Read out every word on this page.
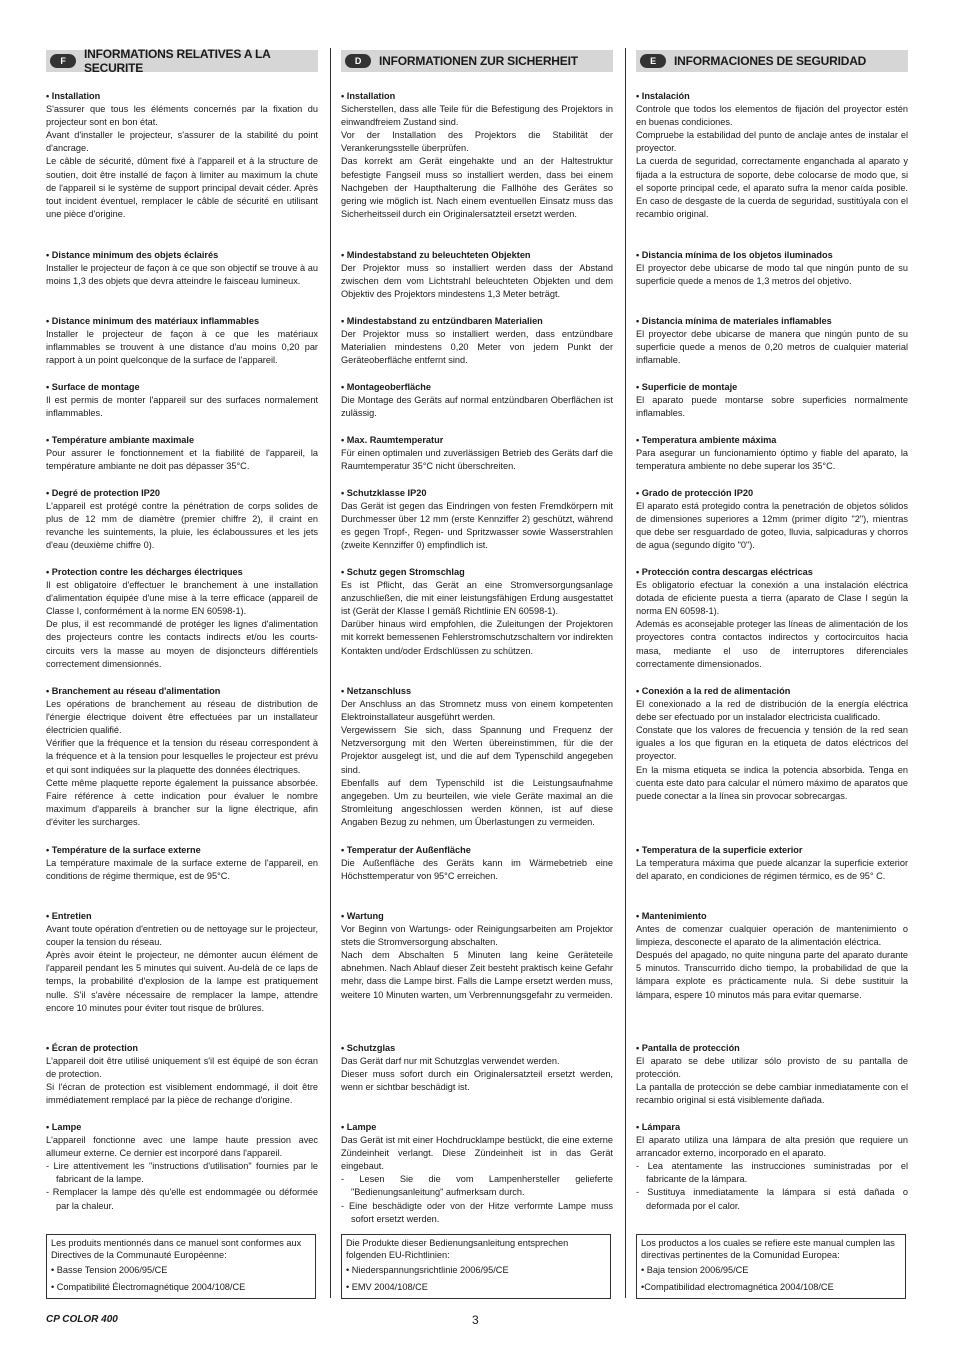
F	INFORMATIONS RELATIVES A LA SECURITE
• Installation

S'assurer que tous les éléments concernés par la fixation du projecteur sont en bon état.

Avant d'installer le projecteur, s'assurer de la stabilité du point d'ancrage.

Le câble de sécurité, dûment fixé à l'appareil et à la structure de soutien, doit être installé de façon à limiter au maximum la chute de l'appareil si le système de support principal devait céder. Après tout incident éventuel, remplacer le câble de sécurité en utilisant une pièce d'origine.

• Distance minimum des objets éclairés

Installer le projecteur de façon à ce que son objectif se trouve à au moins 1,3 des objets que devra atteindre le faisceau lumineux.

• Distance minimum des matériaux inflammables

Installer le projecteur de façon à ce que les matériaux inflammables se trouvent à une distance d'au moins 0,20 par rapport à un point quelconque de la surface de l'appareil.

• Surface de montage

Il est permis de monter l'appareil sur des surfaces normalement inflammables.

• Température ambiante maximale

Pour assurer le fonctionnement et la fiabilité de l'appareil, la température ambiante ne doit pas dépasser 35°C.

• Degré de protection IP20

L'appareil est protégé contre la pénétration de corps solides de plus de 12 mm de diamètre (premier chiffre 2), il craint en revanche les suintements, la pluie, les éclaboussures et les jets d'eau (deuxième chiffre 0).

• Protection contre les décharges électriques

Il est obligatoire d'effectuer le branchement à une installation d'alimentation équipée d'une mise à la terre efficace (appareil de Classe I, conformément à la norme EN 60598-1).

De plus, il est recommandé de protéger les lignes d'alimentation des projecteurs contre les contacts indirects et/ou les courts-circuits vers la masse au moyen de disjoncteurs différentiels correctement dimensionnés.

• Branchement au réseau d'alimentation

Les opérations de branchement au réseau de distribution de l'énergie électrique doivent être effectuées par un installateur électricien qualifié.

Vérifier que la fréquence et la tension du réseau correspondent à la fréquence et à la tension pour lesquelles le projecteur est prévu et qui sont indiquées sur la plaquette des données électriques.

Cette même plaquette reporte également la puissance absorbée. Faire référence à cette indication pour évaluer le nombre maximum d'appareils à brancher sur la ligne électrique, afin d'éviter les surcharges.

• Température de la surface externe

La température maximale de la surface externe de l'appareil, en conditions de régime thermique, est de 95°C.

• Entretien

Avant toute opération d'entretien ou de nettoyage sur le projecteur, couper la tension du réseau.

Après avoir éteint le projecteur, ne démonter aucun élément de l'appareil pendant les 5 minutes qui suivent. Au-delà de ce laps de temps, la probabilité d'explosion de la lampe est pratiquement nulle. S'il s'avère nécessaire de remplacer la lampe, attendre encore 10 minutes pour éviter tout risque de brûlures.

• Écran de protection

L'appareil doit être utilisé uniquement s'il est équipé de son écran de protection.

Si l'écran de protection est visiblement endommagé, il doit être immédiatement remplacé par la pièce de rechange d'origine.

• Lampe

L'appareil fonctionne avec une lampe haute pression avec allumeur externe. Ce dernier est incorporé dans l'appareil.

- Lire attentivement les "instructions d'utilisation" fournies par le fabricant de la lampe.
- Remplacer la lampe dès qu'elle est endommagée ou déformée par la chaleur.

Les produits mentionnés dans ce manuel sont conformes aux Directives de la Communauté Européenne:

• Basse Tension 2006/95/CE
• Compatibilité Électromagnétique 2004/108/CE
D	INFORMATIONEN ZUR SICHERHEIT
• Installation

Sicherstellen, dass alle Teile für die Befestigung des Projektors in einwandfreiem Zustand sind.

Vor der Installation des Projektors die Stabilität der Verankerungsstelle überprüfen.

Das korrekt am Gerät eingehakte und an der Haltestruktur befestigte Fangseil muss so installiert werden, dass bei einem Nachgeben der Haupthalterung die Fallhöhe des Gerätes so gering wie möglich ist. Nach einem eventuellen Einsatz muss das Sicherheitsseil durch ein Originalersatzteil ersetzt werden.

• Mindestabstand zu beleuchteten Objekten

Der Projektor muss so installiert werden dass der Abstand zwischen dem vom Lichtstrahl beleuchteten Objekten und dem Objektiv des Projektors mindestens 1,3 Meter beträgt.

• Mindestabstand zu entzündbaren Materialien

Der Projektor muss so installiert werden, dass entzündbare Materialien mindestens 0,20 Meter von jedem Punkt der Geräteoberfläche entfernt sind.

• Montageoberfläche

Die Montage des Geräts auf normal entzündbaren Oberflächen ist zulässig.

• Max. Raumtemperatur

Für einen optimalen und zuverlässigen Betrieb des Geräts darf die Raumtemperatur 35°C nicht überschreiten.

• Schutzklasse IP20

Das Gerät ist gegen das Eindringen von festen Fremdkörpern mit Durchmesser über 12 mm (erste Kennziffer 2) geschützt, während es gegen Tropf-, Regen- und Spritzwasser sowie Wasserstrahlen (zweite Kennziffer 0) empfindlich ist.

• Schutz gegen Stromschlag

Es ist Pflicht, das Gerät an eine Stromversorgungsanlage anzuschließen, die mit einer leistungsfähigen Erdung ausgestattet ist (Gerät der Klasse I gemäß Richtlinie EN 60598-1).

Darüber hinaus wird empfohlen, die Zuleitungen der Projektoren mit korrekt bemessenen Fehlerstromschutzschaltern vor indirekten Kontakten und/oder Erdschlüssen zu schützen.

• Netzanschluss

Der Anschluss an das Stromnetz muss von einem kompetenten Elektroinstallateur ausgeführt werden.

Vergewissern Sie sich, dass Spannung und Frequenz der Netzversorgung mit den Werten übereinstimmen, für die der Projektor ausgelegt ist, und die auf dem Typenschild angegeben sind.

Ebenfalls auf dem Typenschild ist die Leistungsaufnahme angegeben. Um zu beurteilen, wie viele Geräte maximal an die Stromleitung angeschlossen werden können, ist auf diese Angaben Bezug zu nehmen, um Überlastungen zu vermeiden.

• Temperatur der Außenfläche

Die Außenfläche des Geräts kann im Wärmebetrieb eine Höchsttemperatur von 95°C erreichen.

• Wartung

Vor Beginn von Wartungs- oder Reinigungsarbeiten am Projektor stets die Stromversorgung abschalten.

Nach dem Abschalten 5 Minuten lang keine Geräteteile abnehmen. Nach Ablauf dieser Zeit besteht praktisch keine Gefahr mehr, dass die Lampe birst. Falls die Lampe ersetzt werden muss, weitere 10 Minuten warten, um Verbrennungsgefahr zu vermeiden.

• Schutzglas

Das Gerät darf nur mit Schutzglas verwendet werden.

Dieser muss sofort durch ein Originalersatzteil ersetzt werden, wenn er sichtbar beschädigt ist.

• Lampe

Das Gerät ist mit einer Hochdrucklampe bestückt, die eine externe Zündeinheit verlangt. Diese Zündeinheit ist in das Gerät eingebaut.

- Lesen Sie die vom Lampenhersteller gelieferte "Bedienungsanleitung" aufmerksam durch.
- Eine beschädigte oder von der Hitze verformte Lampe muss sofort ersetzt werden.

Die Produkte dieser Bedienungsanleitung entsprechen folgenden EU-Richtlinien:

• Niederspannungsrichtlinie 2006/95/CE
• EMV 2004/108/CE
E	INFORMACIONES DE SEGURIDAD
• Instalación

Controle que todos los elementos de fijación del proyector estén en buenas condiciones.

Compruebe la estabilidad del punto de anclaje antes de instalar el proyector.

La cuerda de seguridad, correctamente enganchada al aparato y fijada a la estructura de soporte, debe colocarse de modo que, si el soporte principal cede, el aparato sufra la menor caída posible. En caso de desgaste de la cuerda de seguridad, sustitúyala con el recambio original.

• Distancia mínima de los objetos iluminados

El proyector debe ubicarse de modo tal que ningún punto de su superficie quede a menos de 1,3 metros del objetivo.

• Distancia mínima de materiales inflamables

El proyector debe ubicarse de manera que ningún punto de su superficie quede a menos de 0,20 metros de cualquier material inflamable.

• Superficie de montaje

El aparato puede montarse sobre superficies normalmente inflamables.

• Temperatura ambiente máxima

Para asegurar un funcionamiento óptimo y fiable del aparato, la temperatura ambiente no debe superar los 35°C.

• Grado de protección IP20

El aparato está protegido contra la penetración de objetos sólidos de dimensiones superiores a 12mm (primer dígito "2"), mientras que debe ser resguardado de goteo, lluvia, salpicaduras y chorros de agua (segundo dígito "0").

• Protección contra descargas eléctricas

Es obligatorio efectuar la conexión a una instalación eléctrica dotada de eficiente puesta a tierra (aparato de Clase I según la norma EN 60598-1).

Además es aconsejable proteger las líneas de alimentación de los proyectores contra contactos indirectos y cortocircuitos hacia masa, mediante el uso de interruptores diferenciales correctamente dimensionados.

• Conexión a la red de alimentación

El conexionado a la red de distribución de la energía eléctrica debe ser efectuado por un instalador electricista cualificado.

Constate que los valores de frecuencia y tensión de la red sean iguales a los que figuran en la etiqueta de datos eléctricos del proyector.

En la misma etiqueta se indica la potencia absorbida. Tenga en cuenta este dato para calcular el número máximo de aparatos que puede conectar a la línea sin provocar sobrecargas.

• Temperatura de la superficie exterior

La temperatura máxima que puede alcanzar la superficie exterior del aparato, en condiciones de régimen térmico, es de 95° C.

• Mantenimiento

Antes de comenzar cualquier operación de mantenimiento o limpieza, desconecte el aparato de la alimentación eléctrica.

Después del apagado, no quite ninguna parte del aparato durante 5 minutos. Transcurrido dicho tiempo, la probabilidad de que la lámpara explote es prácticamente nula. Si debe sustituir la lámpara, espere 10 minutos más para evitar quemarse.

• Pantalla de protección

El aparato se debe utilizar sólo provisto de su pantalla de protección.

La pantalla de protección se debe cambiar inmediatamente con el recambio original si está visiblemente dañada.

• Lámpara

El aparato utiliza una lámpara de alta presión que requiere un arrancador externo, incorporado en el aparato.

- Lea atentamente las instrucciones suministradas por el fabricante de la lámpara.
- Sustituya inmediatamente la lámpara si está dañada o deformada por el calor.

Los productos a los cuales se refiere este manual cumplen las directivas pertinentes de la Comunidad Europea:

• Baja tension 2006/95/CE
•Compatibilidad electromagnética 2004/108/CE
CP COLOR 400	3
